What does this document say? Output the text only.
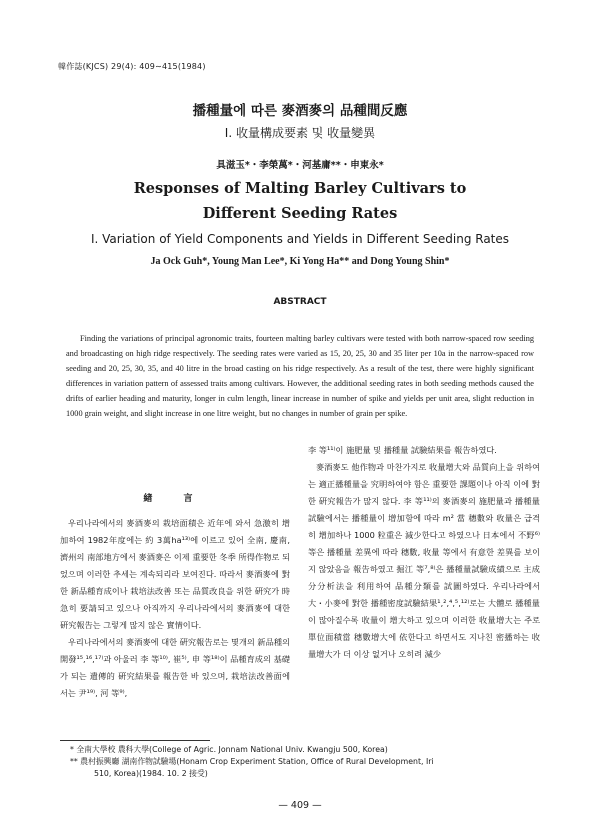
韓作誌(KJCS) 29(4): 409∼415(1984)
播種量에 따른 麥酒麥의 品種間反應
Ⅰ. 收量構成要素 및 收量變異
具滋玉*・李榮萬*・河基庸**・申東永*
Responses of Malting Barley Cultivars to
Different Seeding Rates
Ⅰ. Variation of Yield Components and Yields in Different Seeding Rates
Ja Ock Guh*, Young Man Lee*, Ki Yong Ha** and Dong Young Shin*
ABSTRACT

Finding the variations of principal agronomic traits, fourteen malting barley cultivars were tested with both narrow-spaced row seeding and broadcasting on high ridge respectively. The seeding rates were varied as 15, 20, 25, 30 and 35 liter per 10a in the narrow-spaced row seeding and 20, 25, 30, 35, and 40 litre in the broad casting on his ridge respectively. As a result of the test, there were highly significant differences in variation pattern of assessed traits among cultivars. However, the additional seeding rates in both seeding methods caused the drifts of earlier heading and maturity, longer in culm length, linear increase in number of spike and yields per unit area, slight reduction in 1000 grain weight, and slight increase in one litre weight, but no changes in number of grain per spike.

緖 言

우리나라에서의 麥酒麥의 栽培面積은 近年에 와서 急激히 增加하여 1982年度에는 約 3萬ha¹³⁾에 이르고 있어 全南, 慶南, 濟州의 南部地方에서 麥酒麥은 이제 重要한 冬季 所得作物로 되었으며 이러한 추세는 계속되리라 보여진다. 따라서 麥酒麥에 對한 新品種育成이나 栽培法改善 또는 品質改良을 위한 硏究가 時急히 要請되고 있으나 아직까지 우리나라에서의 麥酒麥에 대한 硏究報告는 그렇게 많지 않은 實情이다.

우리나라에서의 麥酒麥에 대한 硏究報告로는 몇개의 新品種의 開發¹⁵,¹⁶,¹⁷⁾과 아울러 李 等¹⁰⁾, 崔⁵⁾, 申 等¹⁸⁾이 品種育成의 基礎가 되는 遺傳的 硏究結果를 報告한 바 있으며, 栽培法改善面에서는 尹¹⁹⁾, 河 等⁹⁾,

李 等¹¹⁾이 施肥量 및 播種量 試驗結果를 報告하였다.

麥酒麥도 他作物과 마찬가지로 收量增大와 品質向上을 위하여는 適正播種量을 究明하여야 함은 重要한 課題이나 아직 이에 對한 硏究報告가 많지 않다. 李 等¹¹⁾의 麥酒麥의 施肥量과 播種量試驗에서는 播種量이 增加함에 따라 m² 當 穗數와 收量은 급격히 增加하나 1000 粒重은 減少한다고 하였으나 日本에서 不野⁶⁾ 等은 播種量 差異에 따라 穗數, 收量 等에서 有意한 差異를 보이지 않았음을 報告하였고 掘江 等⁷,⁸⁾은 播種量試驗成績으로 主成分分析法을 利用하여 品種分類를 試圖하였다. 우리나라에서 大・小麥에 對한 播種密度試驗結果¹,²,⁴,⁵,¹²⁾로는 大體로 播種量이 많아질수록 收量이 增大하고 있으며 이러한 收量增大는 주로 單位面積當 穗數增大에 依한다고 하면서도 지나친 密播하는 收量增大가 더 이상 없거나 오히려 減少

* 全南大學校 農科大學(College of Agric. Jonnam National Univ. Kwangju 500, Korea)
** 農村振興廳 湖南作物試驗場(Honam Crop Experiment Station, Office of Rural Development, Iri
510, Korea)(1984. 10. 2 接受)
— 409 —
